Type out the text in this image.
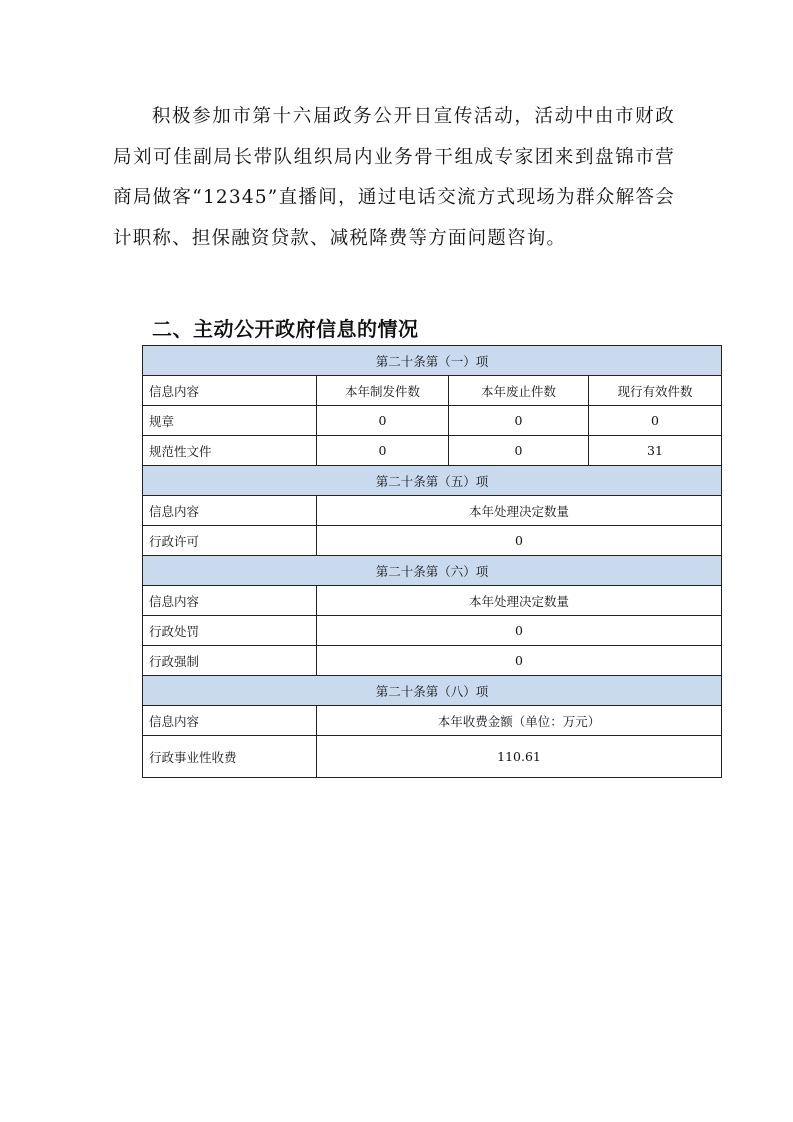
积极参加市第十六届政务公开日宣传活动，活动中由市财政局刘可佳副局长带队组织局内业务骨干组成专家团来到盘锦市营商局做客“12345”直播间，通过电话交流方式现场为群众解答会计职称、担保融资贷款、减税降费等方面问题咨询。

二、主动公开政府信息的情况
第二十条第（一）项			
信息内容	本年制发件数	本年废止件数	现行有效件数
规章	0	0	0
规范性文件	0	0	31
第二十条第（五）项			
信息内容	本年处理决定数量		
行政许可	0		
第二十条第（六）项			
信息内容	本年处理决定数量		
行政处罚	0		
行政强制	0		
第二十条第（八）项			
信息内容	本年收费金额（单位：万元）		
行政事业性收费	110.61		
